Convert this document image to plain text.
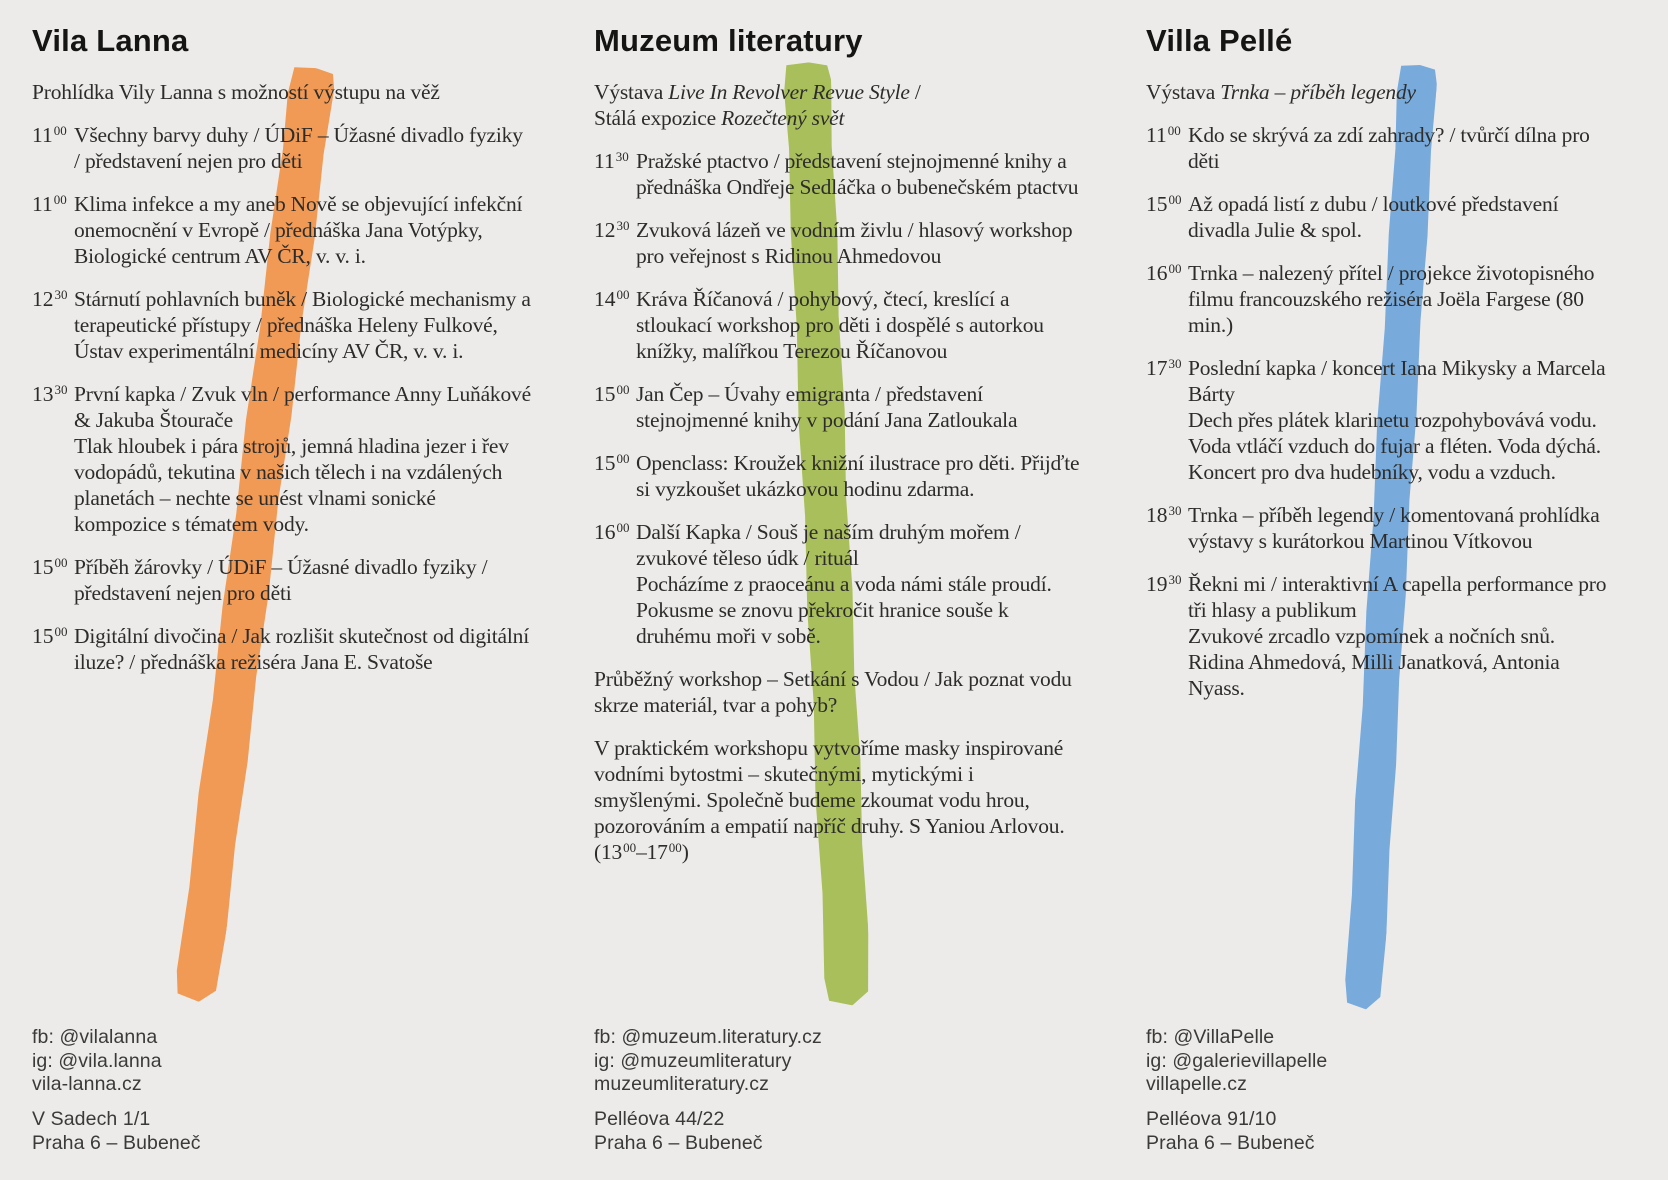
Vila Lanna

Prohlídka Vily Lanna s možností výstupu na věž

$11^{00}$ Všechny barvy duhy / ÚDiF – Úžasné divadlo fyziky / představení nejen pro děti
$11^{00}$ Klima infekce a my aneb Nově se objevující infekční onemocnění v Evropě / přednáška Jana Votýpky, Biologické centrum AV ČR, v. v. i.
$12^{30}$ Stárnutí pohlavních buněk / Biologické mechanismy a terapeutické přístupy / přednáška Heleny Fulkové, Ústav experimentální medicíny AV ČR, v. v. i.
$13^{30}$ První kapka / Zvuk vln / performance Anny Luňákové & Jakuba Štourače
Tlak hloubek i pára strojů, jemná hladina jezer i řev vodopádů, tekutina v našich tělech i na vzdálených planetách – nechte se unést vlnami sonické kompozice s tématem vody.
$15^{00}$ Příběh žárovky / ÚDiF – Úžasné divadlo fyziky / představení nejen pro děti
$15^{00}$ Digitální divočina / Jak rozlišit skutečnost od digitální iluze? / přednáška režiséra Jana E. Svatoše
fb: @vilalanna
ig: @vila.lanna
vila-lanna.cz
V Sadech 1/1
Praha 6 – Bubeneč
Muzeum literatury

Výstava Live In Revolver Revue Style /
Stálá expozice Rozečtený svět

$11^{30}$ Pražské ptactvo / představení stejnojmenné knihy a přednáška Ondřeje Sedláčka o bubenečském ptactvu
$12^{30}$ Zvuková lázeň ve vodním živlu / hlasový workshop pro veřejnost s Ridinou Ahmedovou
$14^{00}$ Kráva Říčanová / pohybový, čtecí, kreslící a stloukací workshop pro děti i dospělé s autorkou knížky, malířkou Terezou Říčanovou
$15^{00}$ Jan Čep – Úvahy emigranta / představení stejnojmenné knihy v podání Jana Zatloukala
$15^{00}$ Openclass: Kroužek knižní ilustrace pro děti. Přijďte si vyzkoušet ukázkovou hodinu zdarma.
$16^{00}$ Další Kapka / Souš je naším druhým mořem / zvukové těleso údk / rituál
Pocházíme z praoceánu a voda námi stále proudí. Pokusme se znovu překročit hranice souše k druhému moři v sobě.

Průběžný workshop – Setkání s Vodou / Jak poznat vodu skrze materiál, tvar a pohyb?

V praktickém workshopu vytvoříme masky inspirované vodními bytostmi – skutečnými, mytickými i smyšlenými. Společně budeme zkoumat vodu hrou, pozorováním a empatií napříč druhy. S Yaniou Arlovou. $(13^{00}-17^{00})$

fb: @muzeum.literatury.cz
ig: @muzeumliteratury
muzeumliteratury.cz
Pelléova 44/22
Praha 6 – Bubeneč
Villa Pellé

Výstava Trnka – příběh legendy

$11^{00}$ Kdo se skrývá za zdí zahrady? / tvůrčí dílna pro děti
$15^{00}$ Až opadá listí z dubu / loutkové představení divadla Julie & spol.
$16^{00}$ Trnka – nalezený přítel / projekce životopisného filmu francouzského režiséra Joëla Fargese (80 min.)
$17^{30}$ Poslední kapka / koncert Iana Mikysky a Marcela Bárty
Dech přes plátek klarinetu rozpohybovává vodu. Voda vtláčí vzduch do fujar a fléten. Voda dýchá. Koncert pro dva hudebníky, vodu a vzduch.
$18^{30}$ Trnka – příběh legendy / komentovaná prohlídka výstavy s kurátorkou Martinou Vítkovou
$19^{30}$ Řekni mi / interaktivní A capella performance pro tři hlasy a publikum
Zvukové zrcadlo vzpomínek a nočních snů. Ridina Ahmedová, Milli Janatková, Antonia Nyass.
fb: @VillaPelle
ig: @galerievillapelle
villapelle.cz
Pelléova 91/10
Praha 6 – Bubeneč
